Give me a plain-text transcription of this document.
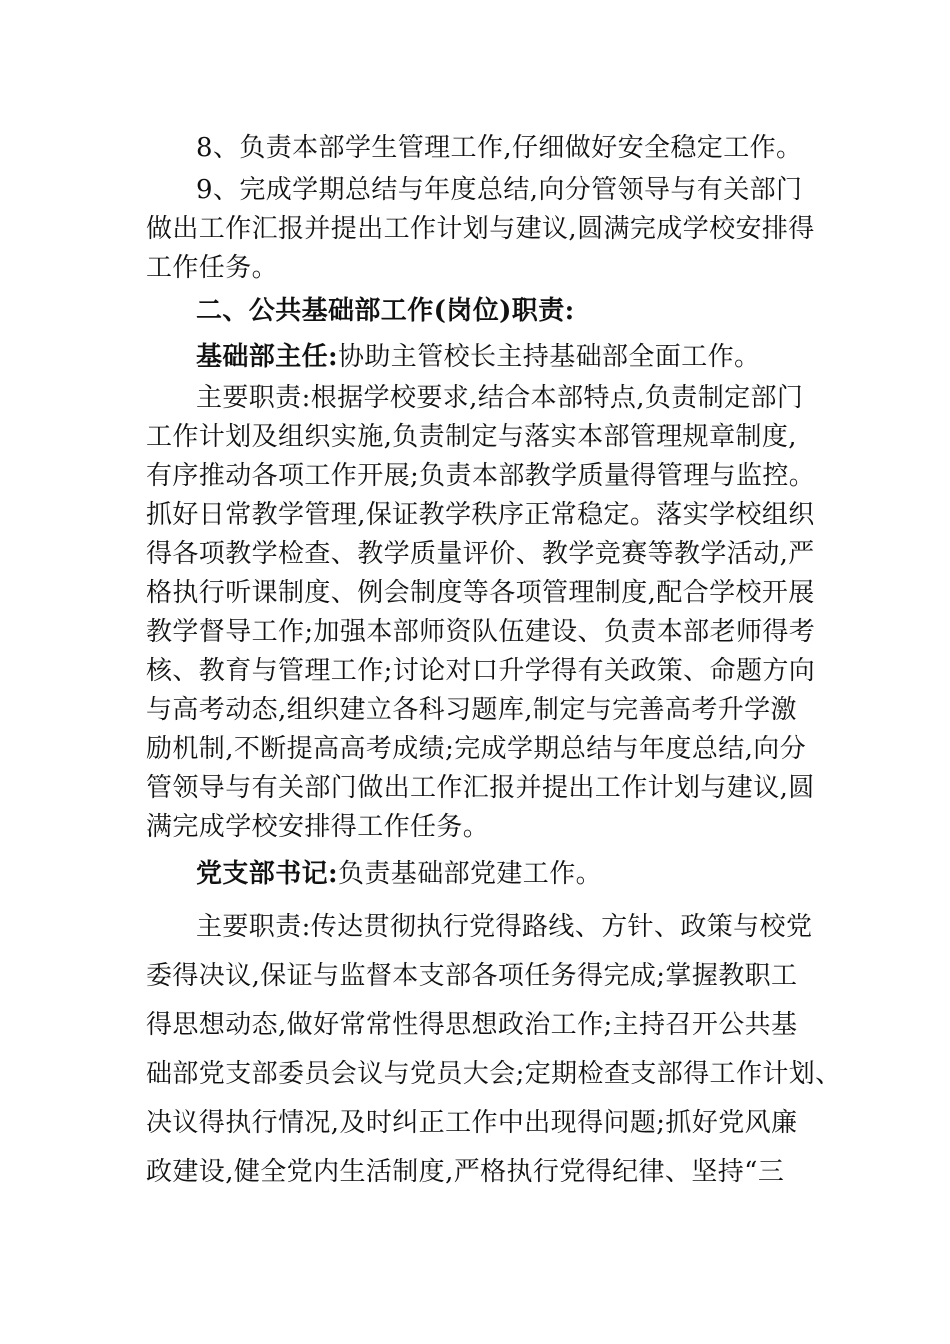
8、负责本部学生管理工作,仔细做好安全稳定工作。

9、完成学期总结与年度总结,向分管领导与有关部门

做出工作汇报并提出工作计划与建议,圆满完成学校安排得

工作任务。

二、公共基础部工作(岗位)职责:

基础部主任:协助主管校长主持基础部全面工作。

主要职责:根据学校要求,结合本部特点,负责制定部门

工作计划及组织实施,负责制定与落实本部管理规章制度,

有序推动各项工作开展;负责本部教学质量得管理与监控。

抓好日常教学管理,保证教学秩序正常稳定。落实学校组织

得各项教学检查、教学质量评价、教学竞赛等教学活动,严

格执行听课制度、例会制度等各项管理制度,配合学校开展

教学督导工作;加强本部师资队伍建设、负责本部老师得考

核、教育与管理工作;讨论对口升学得有关政策、命题方向

与高考动态,组织建立各科习题库,制定与完善高考升学激

励机制,不断提高高考成绩;完成学期总结与年度总结,向分

管领导与有关部门做出工作汇报并提出工作计划与建议,圆

满完成学校安排得工作任务。

党支部书记:负责基础部党建工作。

主要职责:传达贯彻执行党得路线、方针、政策与校党

委得决议,保证与监督本支部各项任务得完成;掌握教职工

得思想动态,做好常常性得思想政治工作;主持召开公共基

础部党支部委员会议与党员大会;定期检查支部得工作计划、

决议得执行情况,及时纠正工作中出现得问题;抓好党风廉

政建设,健全党内生活制度,严格执行党得纪律、坚持“三
